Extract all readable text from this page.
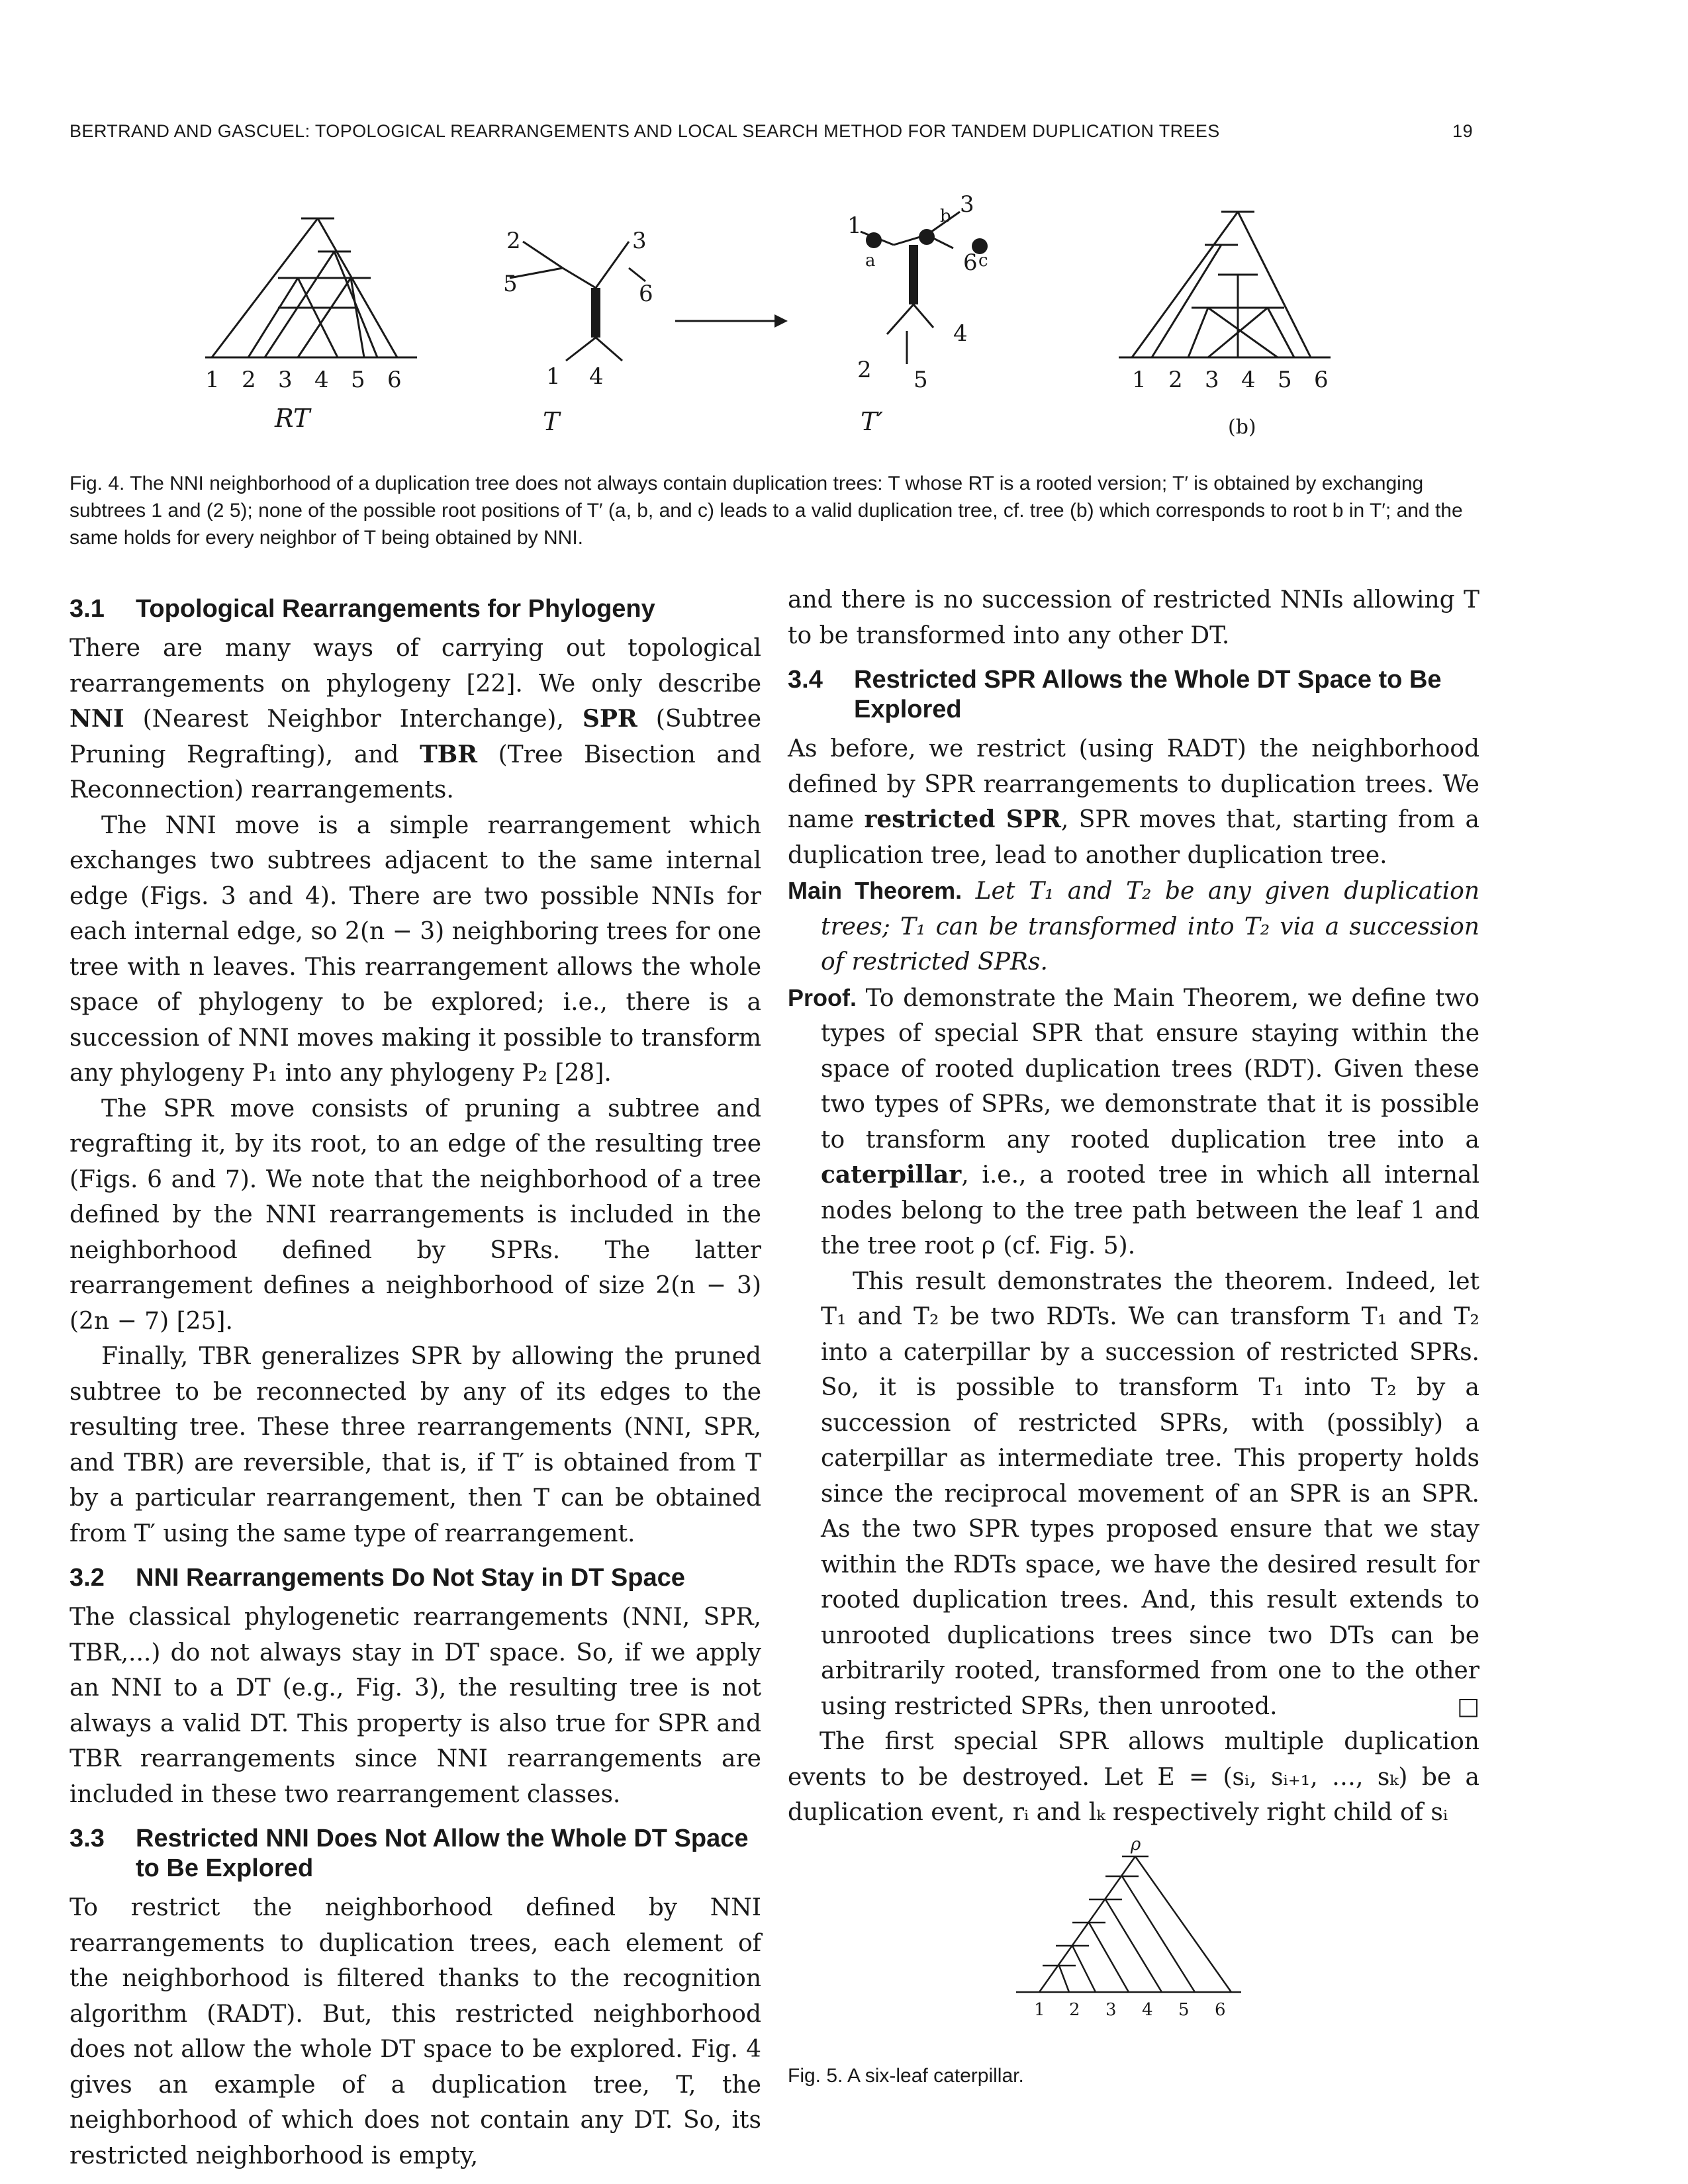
BERTRAND AND GASCUEL: TOPOLOGICAL REARRANGEMENTS AND LOCAL SEARCH METHOD FOR TANDEM DUPLICATION TREES	19
1 2 3 4 5 6
RT
2
5
3
6
1 4
T
1
3
6
2 5
4
T′
a
b
c
1 2 3 4 5 6
(b)
Fig. 4. The NNI neighborhood of a duplication tree does not always contain duplication trees: T whose RT is a rooted version; T′ is obtained by exchanging subtrees 1 and (2 5); none of the possible root positions of T′ (a, b, and c) leads to a valid duplication tree, cf. tree (b) which corresponds to root b in T′; and the same holds for every neighbor of T being obtained by NNI.
3.1	Topological Rearrangements for Phylogeny

There are many ways of carrying out topological rearrangements on phylogeny [22]. We only describe NNI (Nearest Neighbor Interchange), SPR (Subtree Pruning Regrafting), and TBR (Tree Bisection and Reconnection) rearrangements.

The NNI move is a simple rearrangement which exchanges two subtrees adjacent to the same internal edge (Figs. 3 and 4). There are two possible NNIs for each internal edge, so 2(n − 3) neighboring trees for one tree with n leaves. This rearrangement allows the whole space of phylogeny to be explored; i.e., there is a succession of NNI moves making it possible to transform any phylogeny P₁ into any phylogeny P₂ [28].

The SPR move consists of pruning a subtree and regrafting it, by its root, to an edge of the resulting tree (Figs. 6 and 7). We note that the neighborhood of a tree defined by the NNI rearrangements is included in the neighborhood defined by SPRs. The latter rearrangement defines a neighborhood of size 2(n − 3)(2n − 7) [25].

Finally, TBR generalizes SPR by allowing the pruned subtree to be reconnected by any of its edges to the resulting tree. These three rearrangements (NNI, SPR, and TBR) are reversible, that is, if T′ is obtained from T by a particular rearrangement, then T can be obtained from T′ using the same type of rearrangement.

3.2	NNI Rearrangements Do Not Stay in DT Space

The classical phylogenetic rearrangements (NNI, SPR, TBR,...) do not always stay in DT space. So, if we apply an NNI to a DT (e.g., Fig. 3), the resulting tree is not always a valid DT. This property is also true for SPR and TBR rearrangements since NNI rearrangements are included in these two rearrangement classes.

3.3	Restricted NNI Does Not Allow the Whole DT Space to Be Explored

To restrict the neighborhood defined by NNI rearrangements to duplication trees, each element of the neighborhood is filtered thanks to the recognition algorithm (RADT). But, this restricted neighborhood does not allow the whole DT space to be explored. Fig. 4 gives an example of a duplication tree, T, the neighborhood of which does not contain any DT. So, its restricted neighborhood is empty,

and there is no succession of restricted NNIs allowing T to be transformed into any other DT.

3.4	Restricted SPR Allows the Whole DT Space to Be Explored

As before, we restrict (using RADT) the neighborhood defined by SPR rearrangements to duplication trees. We name restricted SPR, SPR moves that, starting from a duplication tree, lead to another duplication tree.

Main Theorem. Let T₁ and T₂ be any given duplication trees; T₁ can be transformed into T₂ via a succession of restricted SPRs.

Proof. To demonstrate the Main Theorem, we define two types of special SPR that ensure staying within the space of rooted duplication trees (RDT). Given these two types of SPRs, we demonstrate that it is possible to transform any rooted duplication tree into a caterpillar, i.e., a rooted tree in which all internal nodes belong to the tree path between the leaf 1 and the tree root ρ (cf. Fig. 5).

This result demonstrates the theorem. Indeed, let T₁ and T₂ be two RDTs. We can transform T₁ and T₂ into a caterpillar by a succession of restricted SPRs. So, it is possible to transform T₁ into T₂ by a succession of restricted SPRs, with (possibly) a caterpillar as intermediate tree. This property holds since the reciprocal movement of an SPR is an SPR. As the two SPR types proposed ensure that we stay within the RDTs space, we have the desired result for rooted duplication trees. And, this result extends to unrooted duplications trees since two DTs can be arbitrarily rooted, transformed from one to the other using restricted SPRs, then unrooted.	□

The first special SPR allows multiple duplication events to be destroyed. Let E = (sᵢ, sᵢ₊₁, …, sₖ) be a duplication event, rᵢ and lₖ respectively right child of sᵢ

ρ
1 2 3 4 5 6
Fig. 5. A six-leaf caterpillar.
